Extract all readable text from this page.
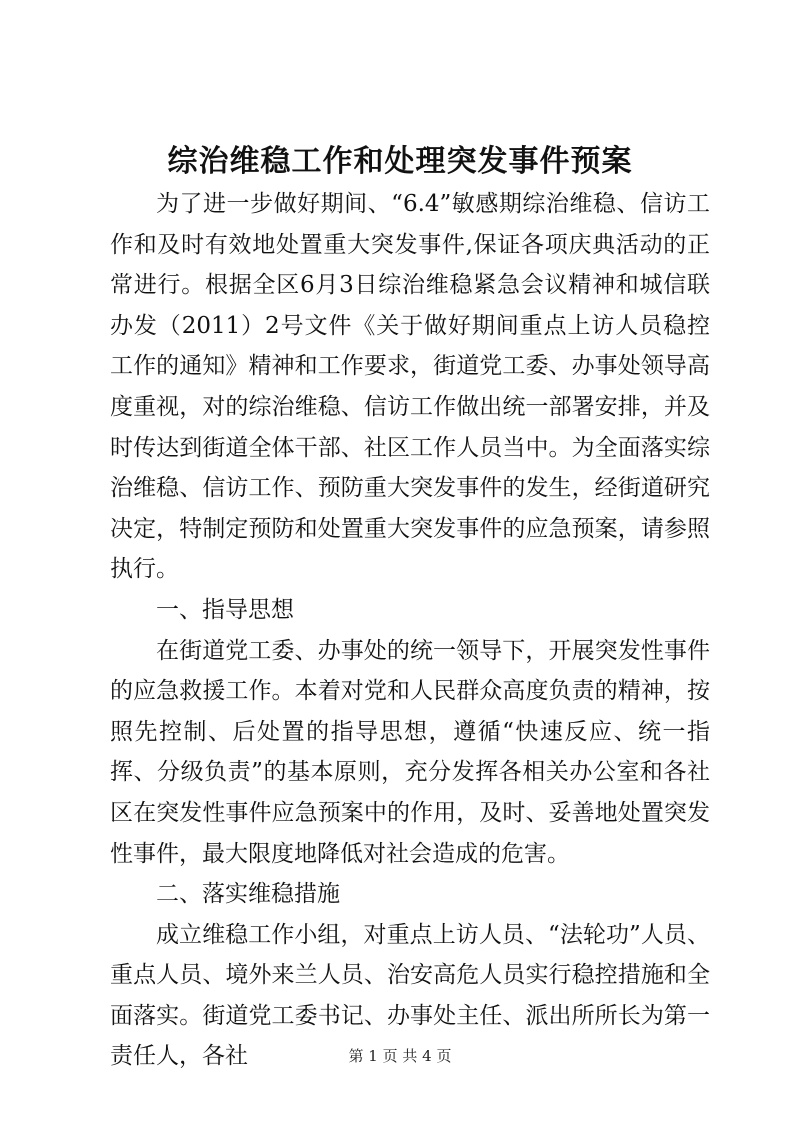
综治维稳工作和处理突发事件预案

为了进一步做好期间、“6.4”敏感期综治维稳、信访工作和及时有效地处置重大突发事件,保证各项庆典活动的正常进行。根据全区6月3日综治维稳紧急会议精神和城信联办发（2011）2号文件《关于做好期间重点上访人员稳控工作的通知》精神和工作要求，街道党工委、办事处领导高度重视，对的综治维稳、信访工作做出统一部署安排，并及时传达到街道全体干部、社区工作人员当中。为全面落实综治维稳、信访工作、预防重大突发事件的发生，经街道研究决定，特制定预防和处置重大突发事件的应急预案，请参照执行。

一、指导思想

在街道党工委、办事处的统一领导下，开展突发性事件的应急救援工作。本着对党和人民群众高度负责的精神，按照先控制、后处置的指导思想，遵循“快速反应、统一指挥、分级负责”的基本原则，充分发挥各相关办公室和各社区在突发性事件应急预案中的作用，及时、妥善地处置突发性事件，最大限度地降低对社会造成的危害。

二、落实维稳措施

成立维稳工作小组，对重点上访人员、“法轮功”人员、重点人员、境外来兰人员、治安高危人员实行稳控措施和全面落实。街道党工委书记、办事处主任、派出所所长为第一责任人，各社	第 1 页 共 4 页
